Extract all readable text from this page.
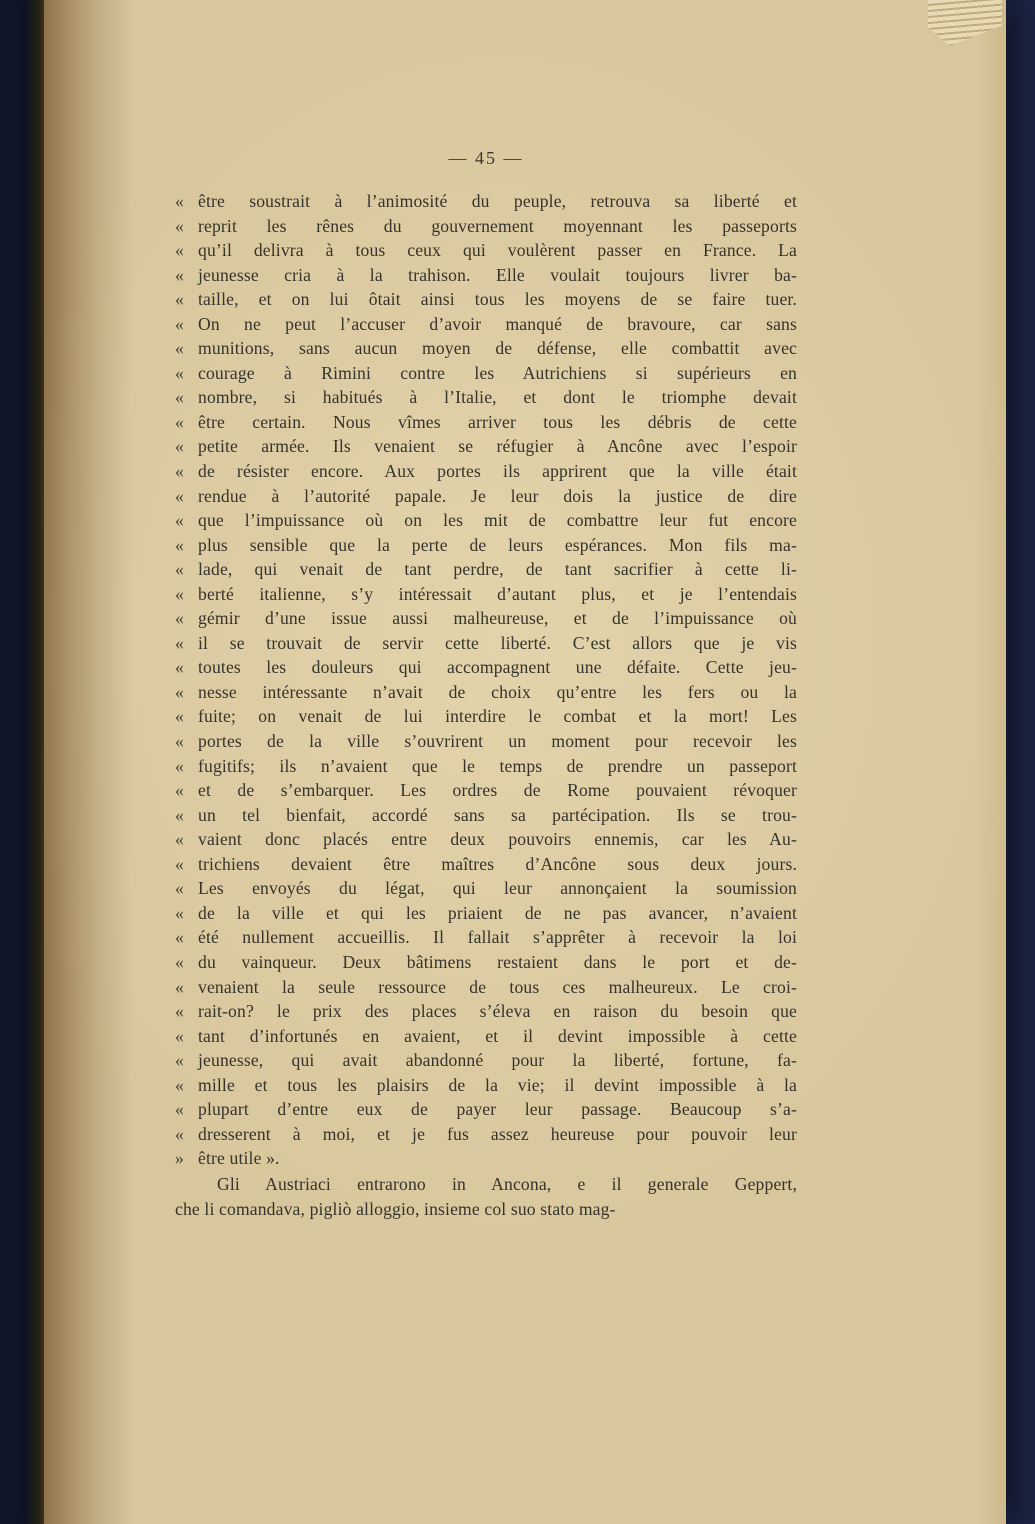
— 45 —
« être soustrait à l’animosité du peuple, retrouva sa liberté et
« reprit les rênes du gouvernement moyennant les passeports
« qu’il delivra à tous ceux qui voulèrent passer en France. La
« jeunesse cria à la trahison. Elle voulait toujours livrer ba-
« taille, et on lui ôtait ainsi tous les moyens de se faire tuer.
« On ne peut l’accuser d’avoir manqué de bravoure, car sans
« munitions, sans aucun moyen de défense, elle combattit avec
« courage à Rimini contre les Autrichiens si supérieurs en
« nombre, si habitués à l’Italie, et dont le triomphe devait
« être certain. Nous vîmes arriver tous les débris de cette
« petite armée. Ils venaient se réfugier à Ancône avec l’espoir
« de résister encore. Aux portes ils apprirent que la ville était
« rendue à l’autorité papale. Je leur dois la justice de dire
« que l’impuissance où on les mit de combattre leur fut encore
« plus sensible que la perte de leurs espérances. Mon fils ma-
« lade, qui venait de tant perdre, de tant sacrifier à cette li-
« berté italienne, s’y intéressait d’autant plus, et je l’entendais
« gémir d’une issue aussi malheureuse, et de l’impuissance où
« il se trouvait de servir cette liberté. C’est allors que je vis
« toutes les douleurs qui accompagnent une défaite. Cette jeu-
« nesse intéressante n’avait de choix qu’entre les fers ou la
« fuite; on venait de lui interdire le combat et la mort! Les
« portes de la ville s’ouvrirent un moment pour recevoir les
« fugitifs; ils n’avaient que le temps de prendre un passeport
« et de s’embarquer. Les ordres de Rome pouvaient révoquer
« un tel bienfait, accordé sans sa partécipation. Ils se trou-
« vaient donc placés entre deux pouvoirs ennemis, car les Au-
« trichiens devaient être maîtres d’Ancône sous deux jours.
« Les envoyés du légat, qui leur annonçaient la soumission
« de la ville et qui les priaient de ne pas avancer, n’avaient
« été nullement accueillis. Il fallait s’apprêter à recevoir la loi
« du vainqueur. Deux bâtimens restaient dans le port et de-
« venaient la seule ressource de tous ces malheureux. Le croi-
« rait-on? le prix des places s’éleva en raison du besoin que
« tant d’infortunés en avaient, et il devint impossible à cette
« jeunesse, qui avait abandonné pour la liberté, fortune, fa-
« mille et tous les plaisirs de la vie; il devint impossible à la
« plupart d’entre eux de payer leur passage. Beaucoup s’a-
« dresserent à moi, et je fus assez heureuse pour pouvoir leur
» être utile ».
Gli Austriaci entrarono in Ancona, e il generale Geppert,
che li comandava, pigliò alloggio, insieme col suo stato mag-
